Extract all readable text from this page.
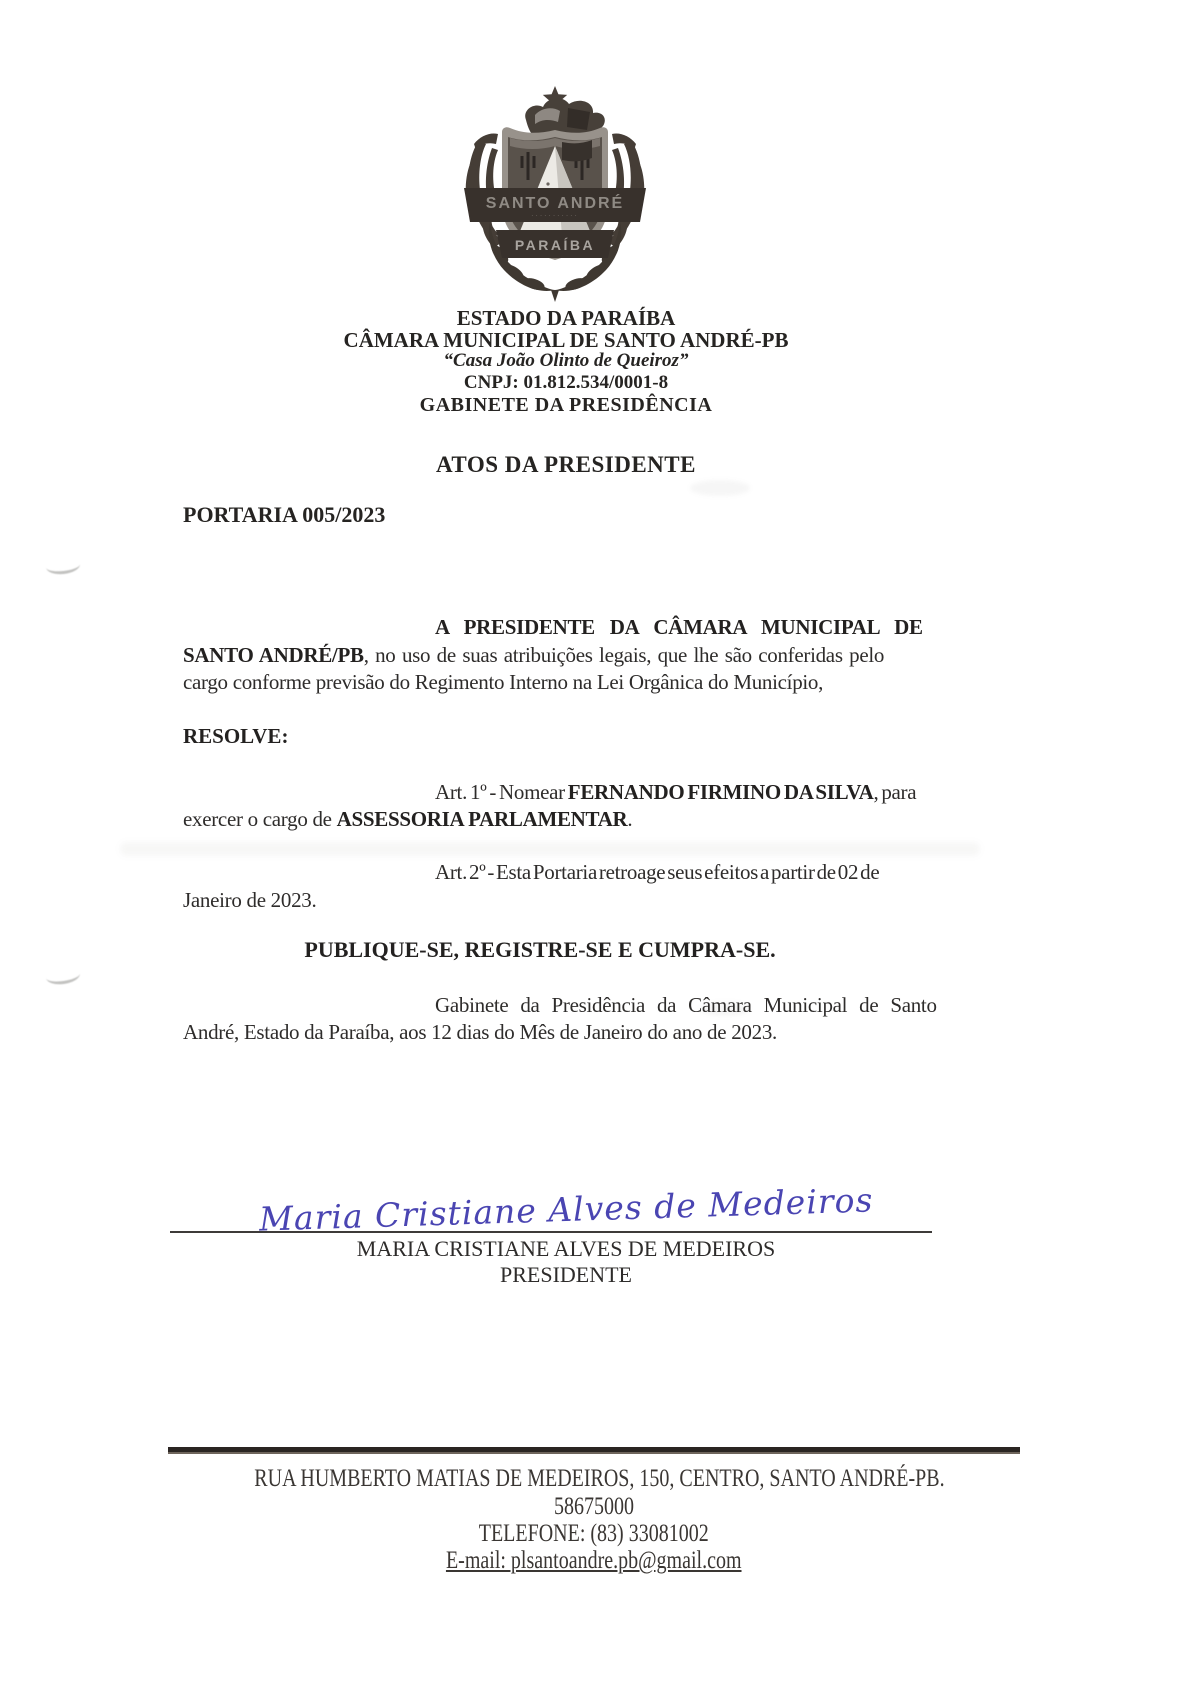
SANTO ANDRÉ
···········
PARAÍBA
ESTADO DA PARAÍBA
CÂMARA MUNICIPAL DE SANTO ANDRÉ-PB
“Casa João Olinto de Queiroz”
CNPJ: 01.812.534/0001-8
GABINETE DA PRESIDÊNCIA
ATOS DA PRESIDENTE
PORTARIA 005/2023
A PRESIDENTE DA CÂMARA MUNICIPAL DE
SANTO ANDRÉ/PB, no uso de suas atribuições legais, que lhe são conferidas pelo
cargo conforme previsão do Regimento Interno na Lei Orgânica do Município,
RESOLVE:
Art. 1º - Nomear FERNANDO FIRMINO DA SILVA, para
exercer o cargo de ASSESSORIA PARLAMENTAR.
Art. 2º - Esta Portaria retroage seus efeitos a partir de 02 de
Janeiro de 2023.
PUBLIQUE-SE, REGISTRE-SE E CUMPRA-SE.
Gabinete da Presidência da Câmara Municipal de Santo
André, Estado da Paraíba, aos 12 dias do Mês de Janeiro do ano de 2023.
Maria Cristiane Alves de Medeiros
MARIA CRISTIANE ALVES DE MEDEIROS
PRESIDENTE
RUA HUMBERTO MATIAS DE MEDEIROS, 150, CENTRO, SANTO ANDRÉ-PB.
58675000
TELEFONE: (83) 33081002
E-mail: plsantoandre.pb@gmail.com
